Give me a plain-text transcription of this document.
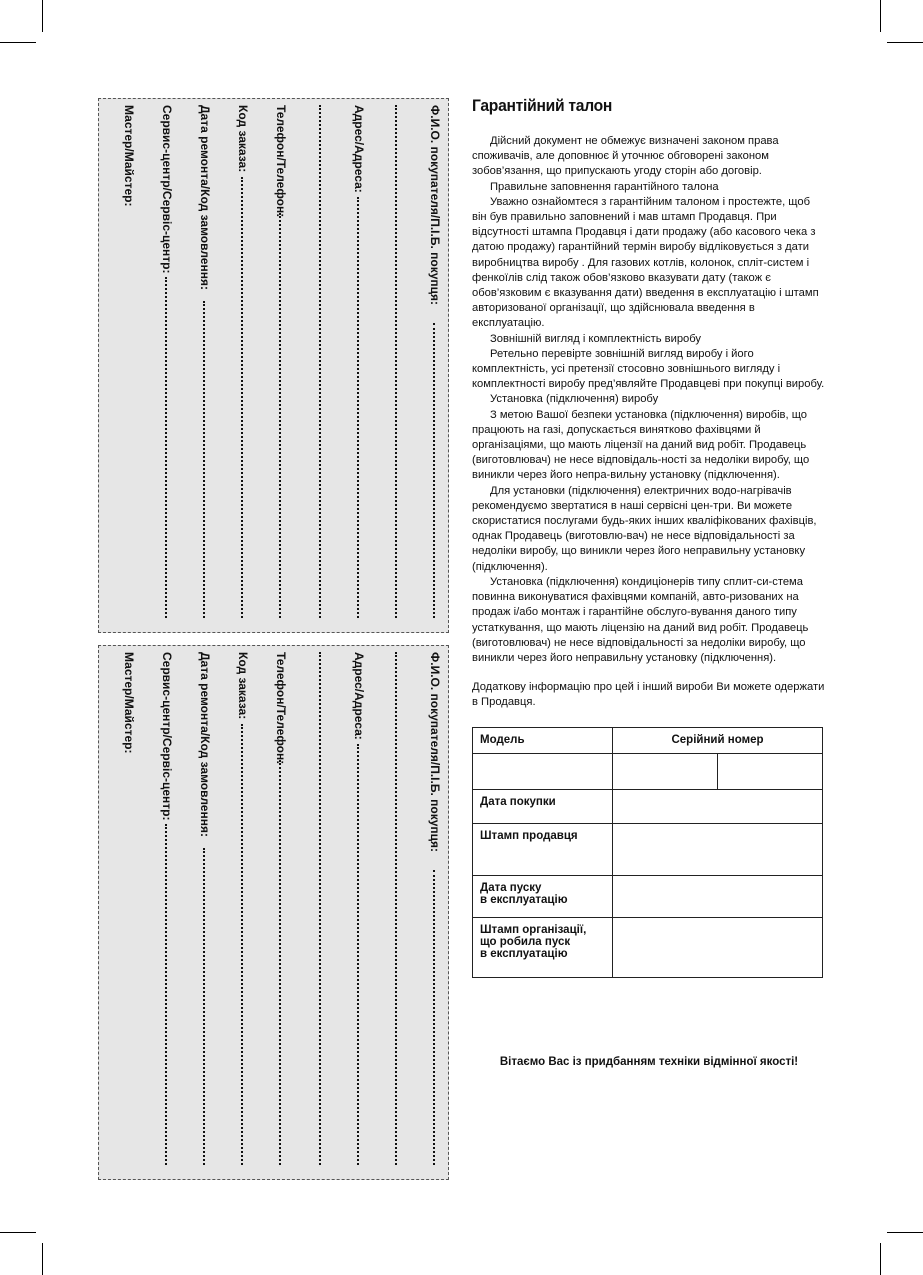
Ф.И.О. покупателя/П.І.Б. покупця:
Адрес/Адреса:
Телефон/Телефон:
Код заказа:
Дата ремонта/Код замовлення:
Сервис-центр/Сервіс-центр:
Мастер/Майстер:
Ф.И.О. покупателя/П.І.Б. покупця:
Адрес/Адреса:
Телефон/Телефон:
Код заказа:
Дата ремонта/Код замовлення:
Сервис-центр/Сервіс-центр:
Мастер/Майстер:
Гарантійний талон

Дійсний документ не обмежує визначені законом права споживачів, але доповнює й уточнює обговорені законом зобов’язання, що припускають угоду сторін або договір.

Правильне заповнення гарантійного талона

Уважно ознайомтеся з гарантійним талоном і простежте, щоб він був правильно заповнений і мав штамп Продавця. При відсутності штампа Продавця і дати продажу (або касового чека з датою продажу) гарантійний термін виробу відліковується з дати виробництва виробу . Для газових котлів, колонок, спліт-систем і фенкоїлів слід також обов’язково вказувати дату (також є обов’язковим є вказування дати) введення в експлуатацію і штамп авторизованої організації, що здійснювала введення в експлуатацію.

Зовнішній вигляд і комплектність виробу

Ретельно перевірте зовнішній вигляд виробу і його комплектність, усі претензії стосовно зовнішнього вигляду і комплектності виробу пред’являйте Продавцеві при покупці виробу.

Установка (підключення) виробу

З метою Вашої безпеки установка (підключення) виробів, що працюють на газі, допускається винятково фахівцями й організаціями, що мають ліцензії на даний вид робіт. Продавець (виготовлювач) не несе відповідаль-ності за недоліки виробу, що виникли через його непра-вильну установку (підключення).

Для установки (підключення) електричних водо-нагрівачів рекомендуємо звертатися в наші сервісні цен-три. Ви можете скористатися послугами будь-яких інших кваліфікованих фахівців, однак Продавець (виготовлю-вач) не несе відповідальності за недоліки виробу, що виникли через його неправильну установку (підключення).

Установка (підключення) кондиціонерів типу сплит-си-стема повинна виконуватися фахівцями компаній, авто-ризованих на продаж і/або монтаж і гарантійне обслуго-вування даного типу устаткування, що мають ліцензію на даний вид робіт. Продавець (виготовлювач) не несе відповідальності за недоліки виробу, що виникли через його неправильну установку (підключення).

Додаткову інформацію про цей і інший вироби Ви можете одержати в Продавця.

Модель	Серійний номер	

Дата покупки		
Штамп продавця		
Дата пуску
в експлуатацію		
Штамп організації,
що робила пуск
в експлуатацію		
Вітаємо Вас із придбанням техніки відмінної якості!
